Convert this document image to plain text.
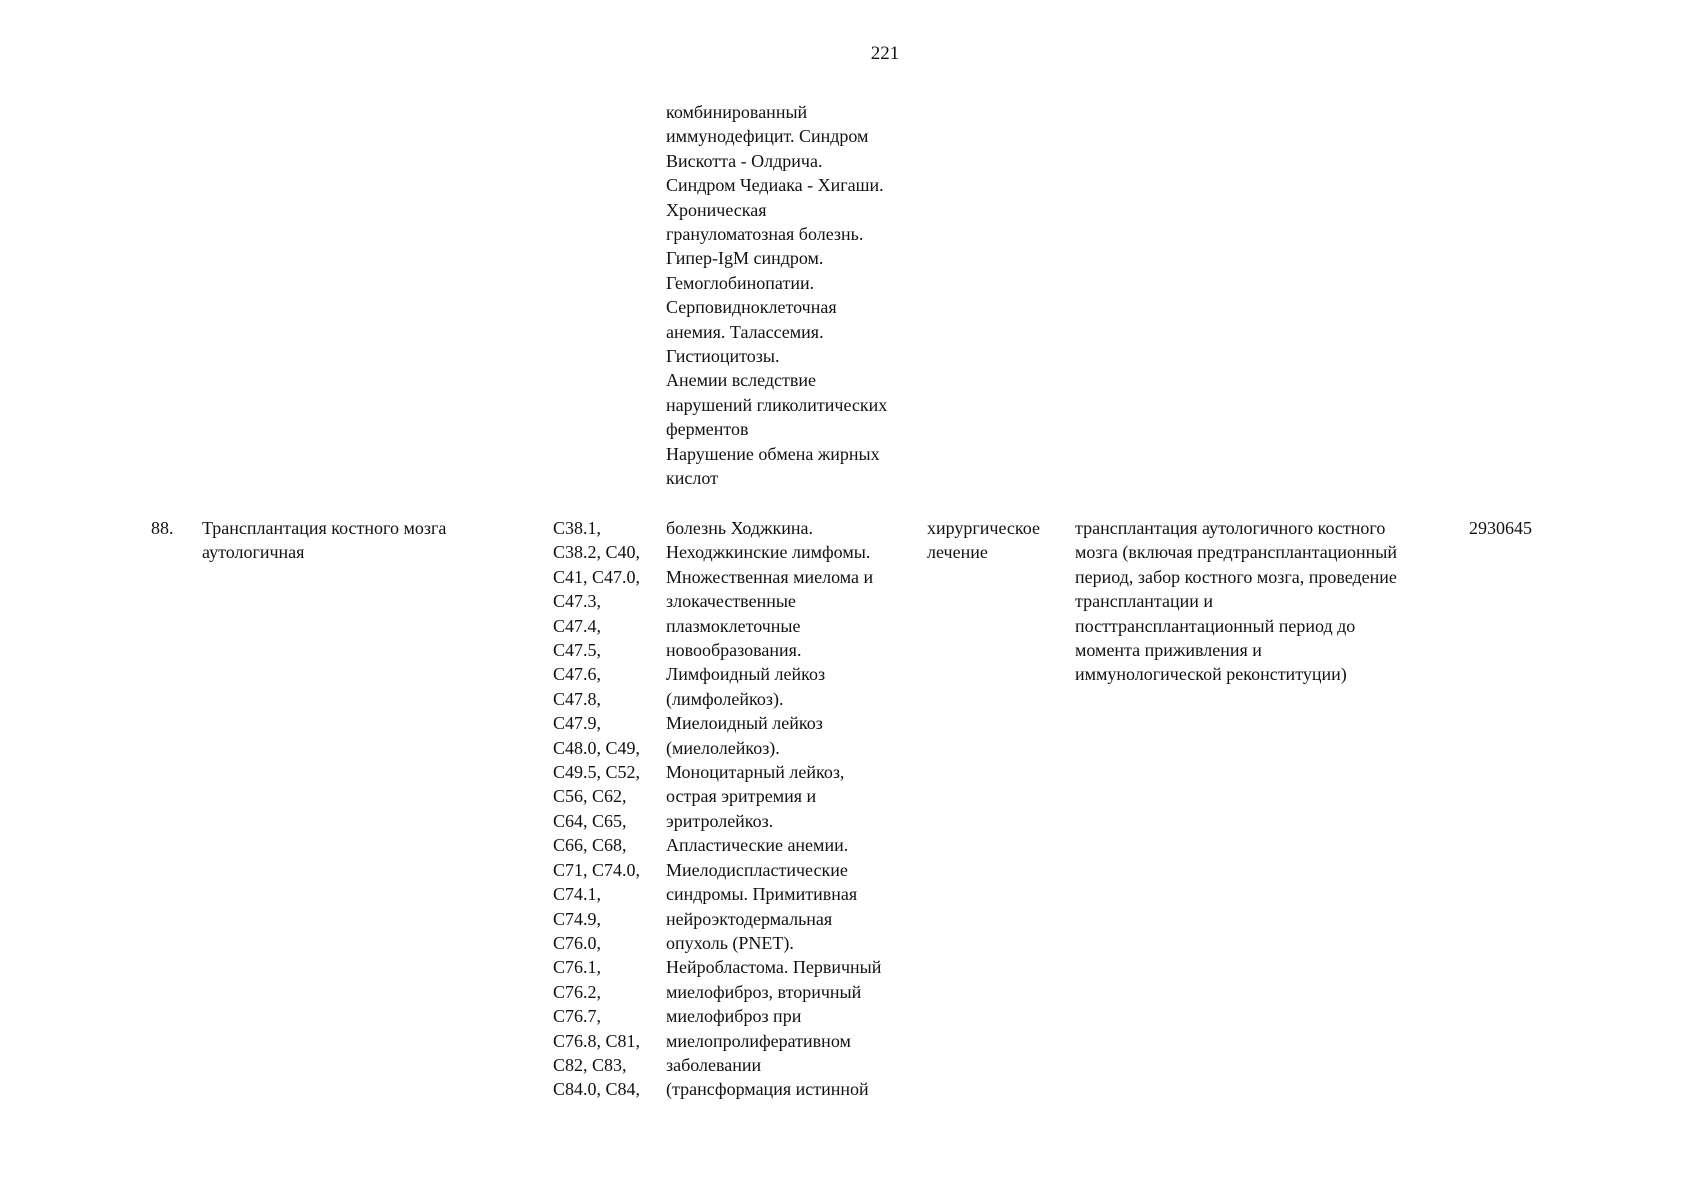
221
комбинированный
иммунодефицит. Синдром
Вискотта - Олдрича.
Синдром Чедиака - Хигаши.
Хроническая
грануломатозная болезнь.
Гипер-IgM синдром.
Гемоглобинопатии.
Серповидноклеточная
анемия. Талассемия.
Гистиоцитозы.
Анемии вследствие
нарушений гликолитических
ферментов
Нарушение обмена жирных
кислот
88. Трансплантация костного мозга
аутологичная
C38.1,
C38.2, C40,
C41, C47.0,
C47.3,
C47.4,
C47.5,
C47.6,
C47.8,
C47.9,
C48.0, C49,
C49.5, C52,
C56, C62,
C64, C65,
C66, C68,
C71, C74.0,
C74.1,
C74.9,
C76.0,
C76.1,
C76.2,
C76.7,
C76.8, C81,
C82, C83,
C84.0, C84,
болезнь Ходжкина.
Неходжкинские лимфомы.
Множественная миелома и
злокачественные
плазмоклеточные
новообразования.
Лимфоидный лейкоз
(лимфолейкоз).
Миелоидный лейкоз
(миелолейкоз).
Моноцитарный лейкоз,
острая эритремия и
эритролейкоз.
Апластические анемии.
Миелодиспластические
синдромы. Примитивная
нейроэктодермальная
опухоль (PNET).
Нейробластома. Первичный
миелофиброз, вторичный
миелофиброз при
миелопролиферативном
заболевании
(трансформация истинной
хирургическое
лечение
трансплантация аутологичного костного
мозга (включая предтрансплантационный
период, забор костного мозга, проведение
трансплантации и
посттрансплантационный период до
момента приживления и
иммунологической реконституции)
2930645
